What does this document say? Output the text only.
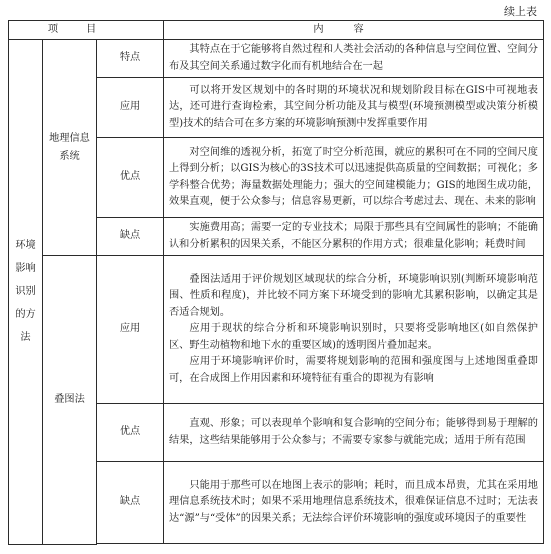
续上表
项目			内容
环境影响识别的方法	地理信息系统	特点	其特点在于它能够将自然过程和人类社会活动的各种信息与空间位置、空间分布及其空间关系通过数字化而有机地结合在一起
		应用	可以将开发区规划中的各时期的环境状况和规划阶段目标在GIS中可视地表达，还可进行查询检索，其空间分析功能及其与模型(环境预测模型或决策分析模型)技术的结合可在多方案的环境影响预测中发挥重要作用
		优点	对空间维的透视分析，拓宽了时空分析范围，就应的累积可在不同的空间尺度上得到分析；以GIS为核心的3S技术可以迅速提供高质量的空间数据；可视化；多学科整合优势；海量数据处理能力；强大的空间建模能力；GIS的地图生成功能，效果直观，便于公众参与；信息容易更新，可以综合考虑过去、现在、未来的影响
		缺点	实施费用高；需要一定的专业技术；局限于那些具有空间属性的影响；不能确认和分析累积的因果关系，不能区分累积的作用方式；很难量化影响；耗费时间
	叠图法	应用	叠图法适用于评价规划区域现状的综合分析，环境影响识别(判断环境影响范围、性质和程度)，并比较不同方案下环境受到的影响尤其累积影响，以确定其是否适合规划。
应用于现状的综合分析和环境影响识别时，只要将受影响地区(如自然保护区、野生动植物和地下水的重要区域)的透明图片叠加起来。
应用于环境影响评价时，需要将规划影响的范围和强度图与上述地图重叠即可，在合成图上作用因素和环境特征有重合的即视为有影响

		优点	直观、形象；可以表现单个影响和复合影响的空间分布；能够得到易于理解的结果，这些结果能够用于公众参与；不需要专家参与就能完成；适用于所有范围
		缺点	只能用于那些可以在地图上表示的影响；耗时，而且成本昂贵，尤其在采用地理信息系统技术时；如果不采用地理信息系统技术，很难保证信息不过时；无法表达“源”与“受体”的因果关系；无法综合评价环境影响的强度或环境因子的重要性
